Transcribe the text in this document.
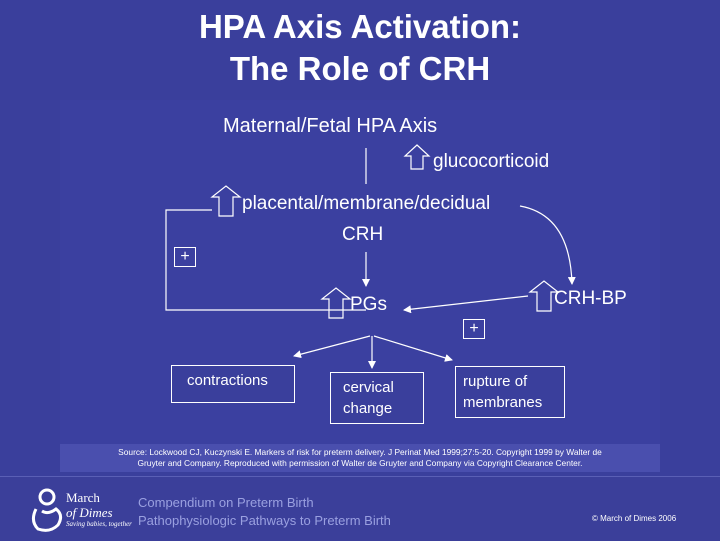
HPA Axis Activation:
The Role of CRH
Maternal/Fetal HPA Axis
glucocorticoid
placental/membrane/decidual
CRH
+
PGs	CRH-BP
+
contractions	cervical
change
rupture of
membranes
Source: Lockwood CJ, Kuczynski E. Markers of risk for preterm delivery. J Perinat Med 1999;27:5-20. Copyright 1999 by Walter de
Gruyter and Company. Reproduced with permission of Walter de Gruyter and Company via Copyright Clearance Center.
March
of Dimes
Saving babies, together
Compendium on Preterm Birth
Pathophysiologic Pathways to Preterm Birth	© March of Dimes 2006
